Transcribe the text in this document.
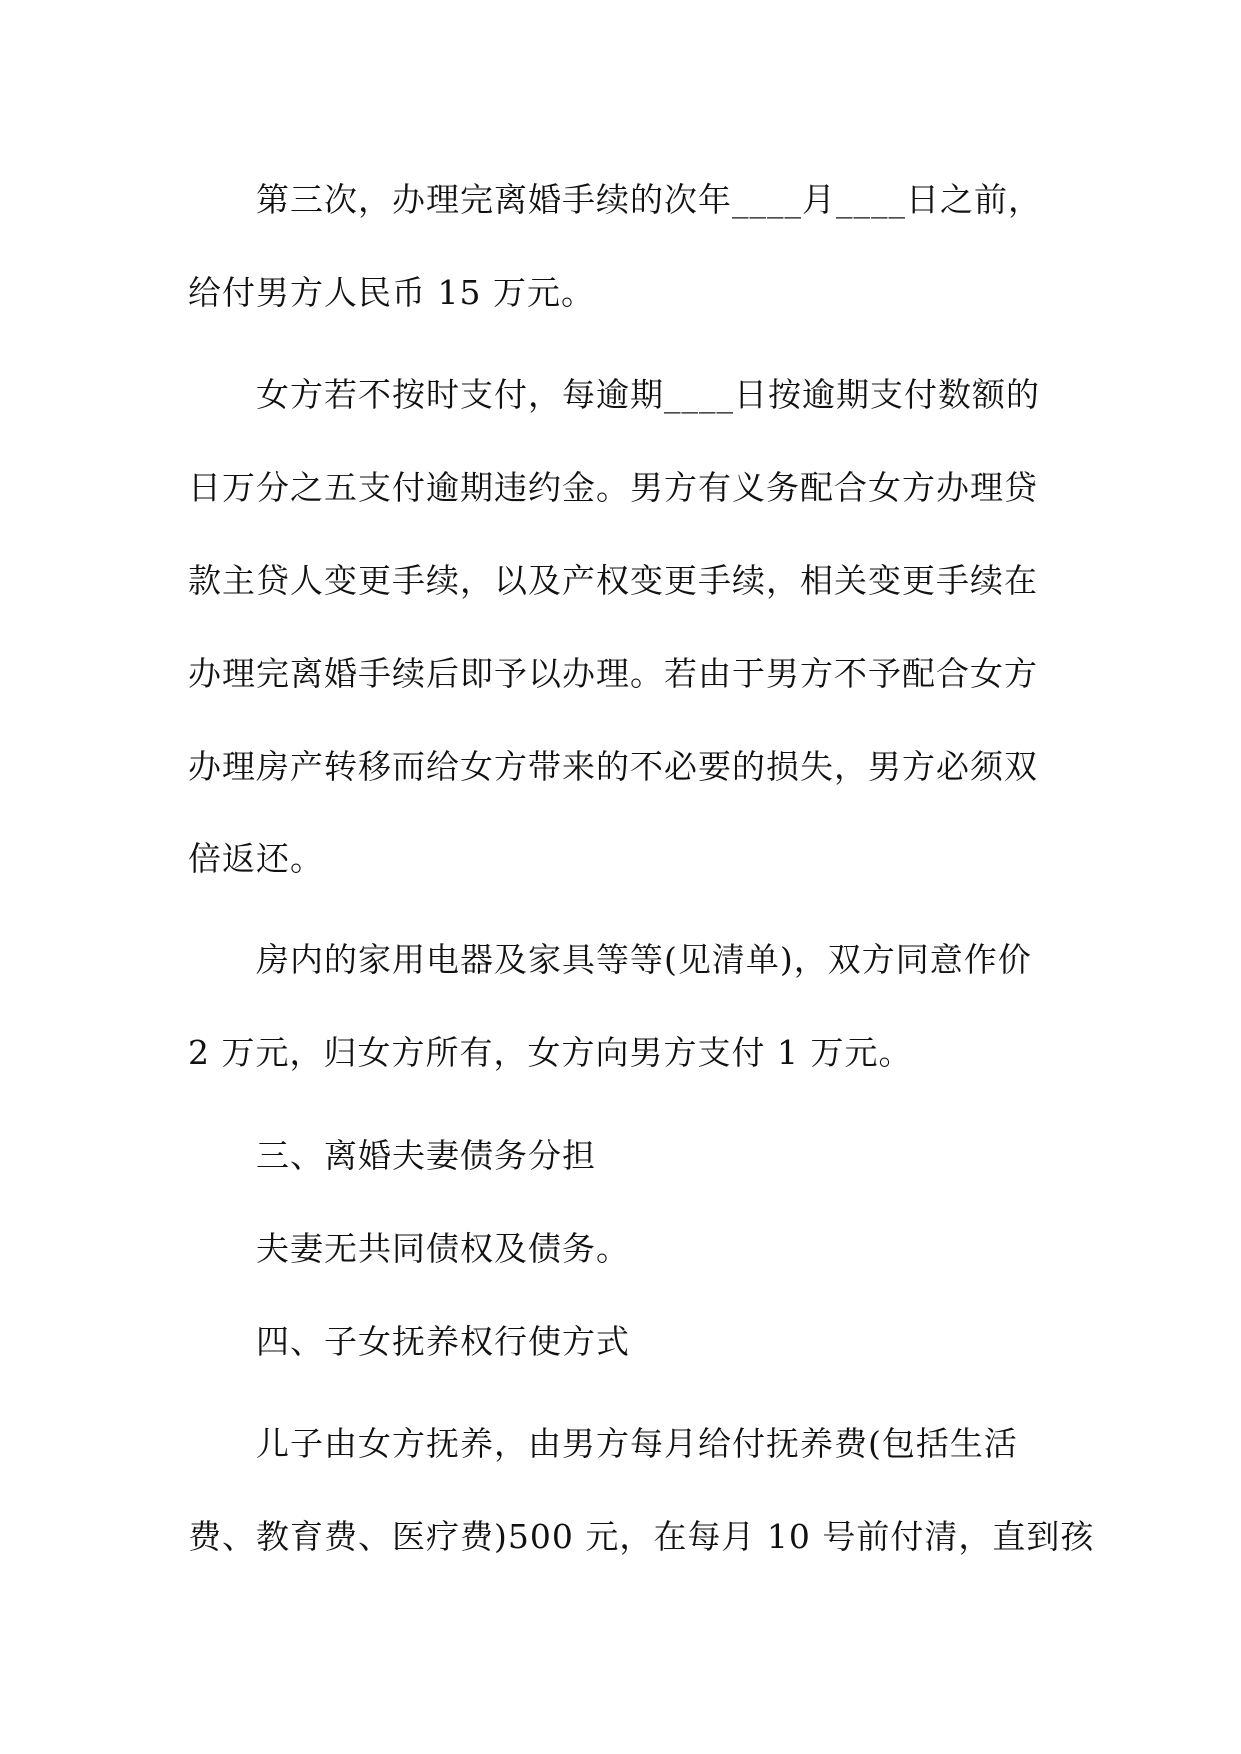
第三次，办理完离婚手续的次年____月____日之前，
给付男方人民币 15 万元。
女方若不按时支付，每逾期____日按逾期支付数额的
日万分之五支付逾期违约金。男方有义务配合女方办理贷
款主贷人变更手续，以及产权变更手续，相关变更手续在
办理完离婚手续后即予以办理。若由于男方不予配合女方
办理房产转移而给女方带来的不必要的损失，男方必须双
倍返还。
房内的家用电器及家具等等(见清单)，双方同意作价
2 万元，归女方所有，女方向男方支付 1 万元。
三、离婚夫妻债务分担
夫妻无共同债权及债务。
四、子女抚养权行使方式
儿子由女方抚养，由男方每月给付抚养费(包括生活
费、教育费、医疗费)500 元，在每月 10 号前付清，直到孩
